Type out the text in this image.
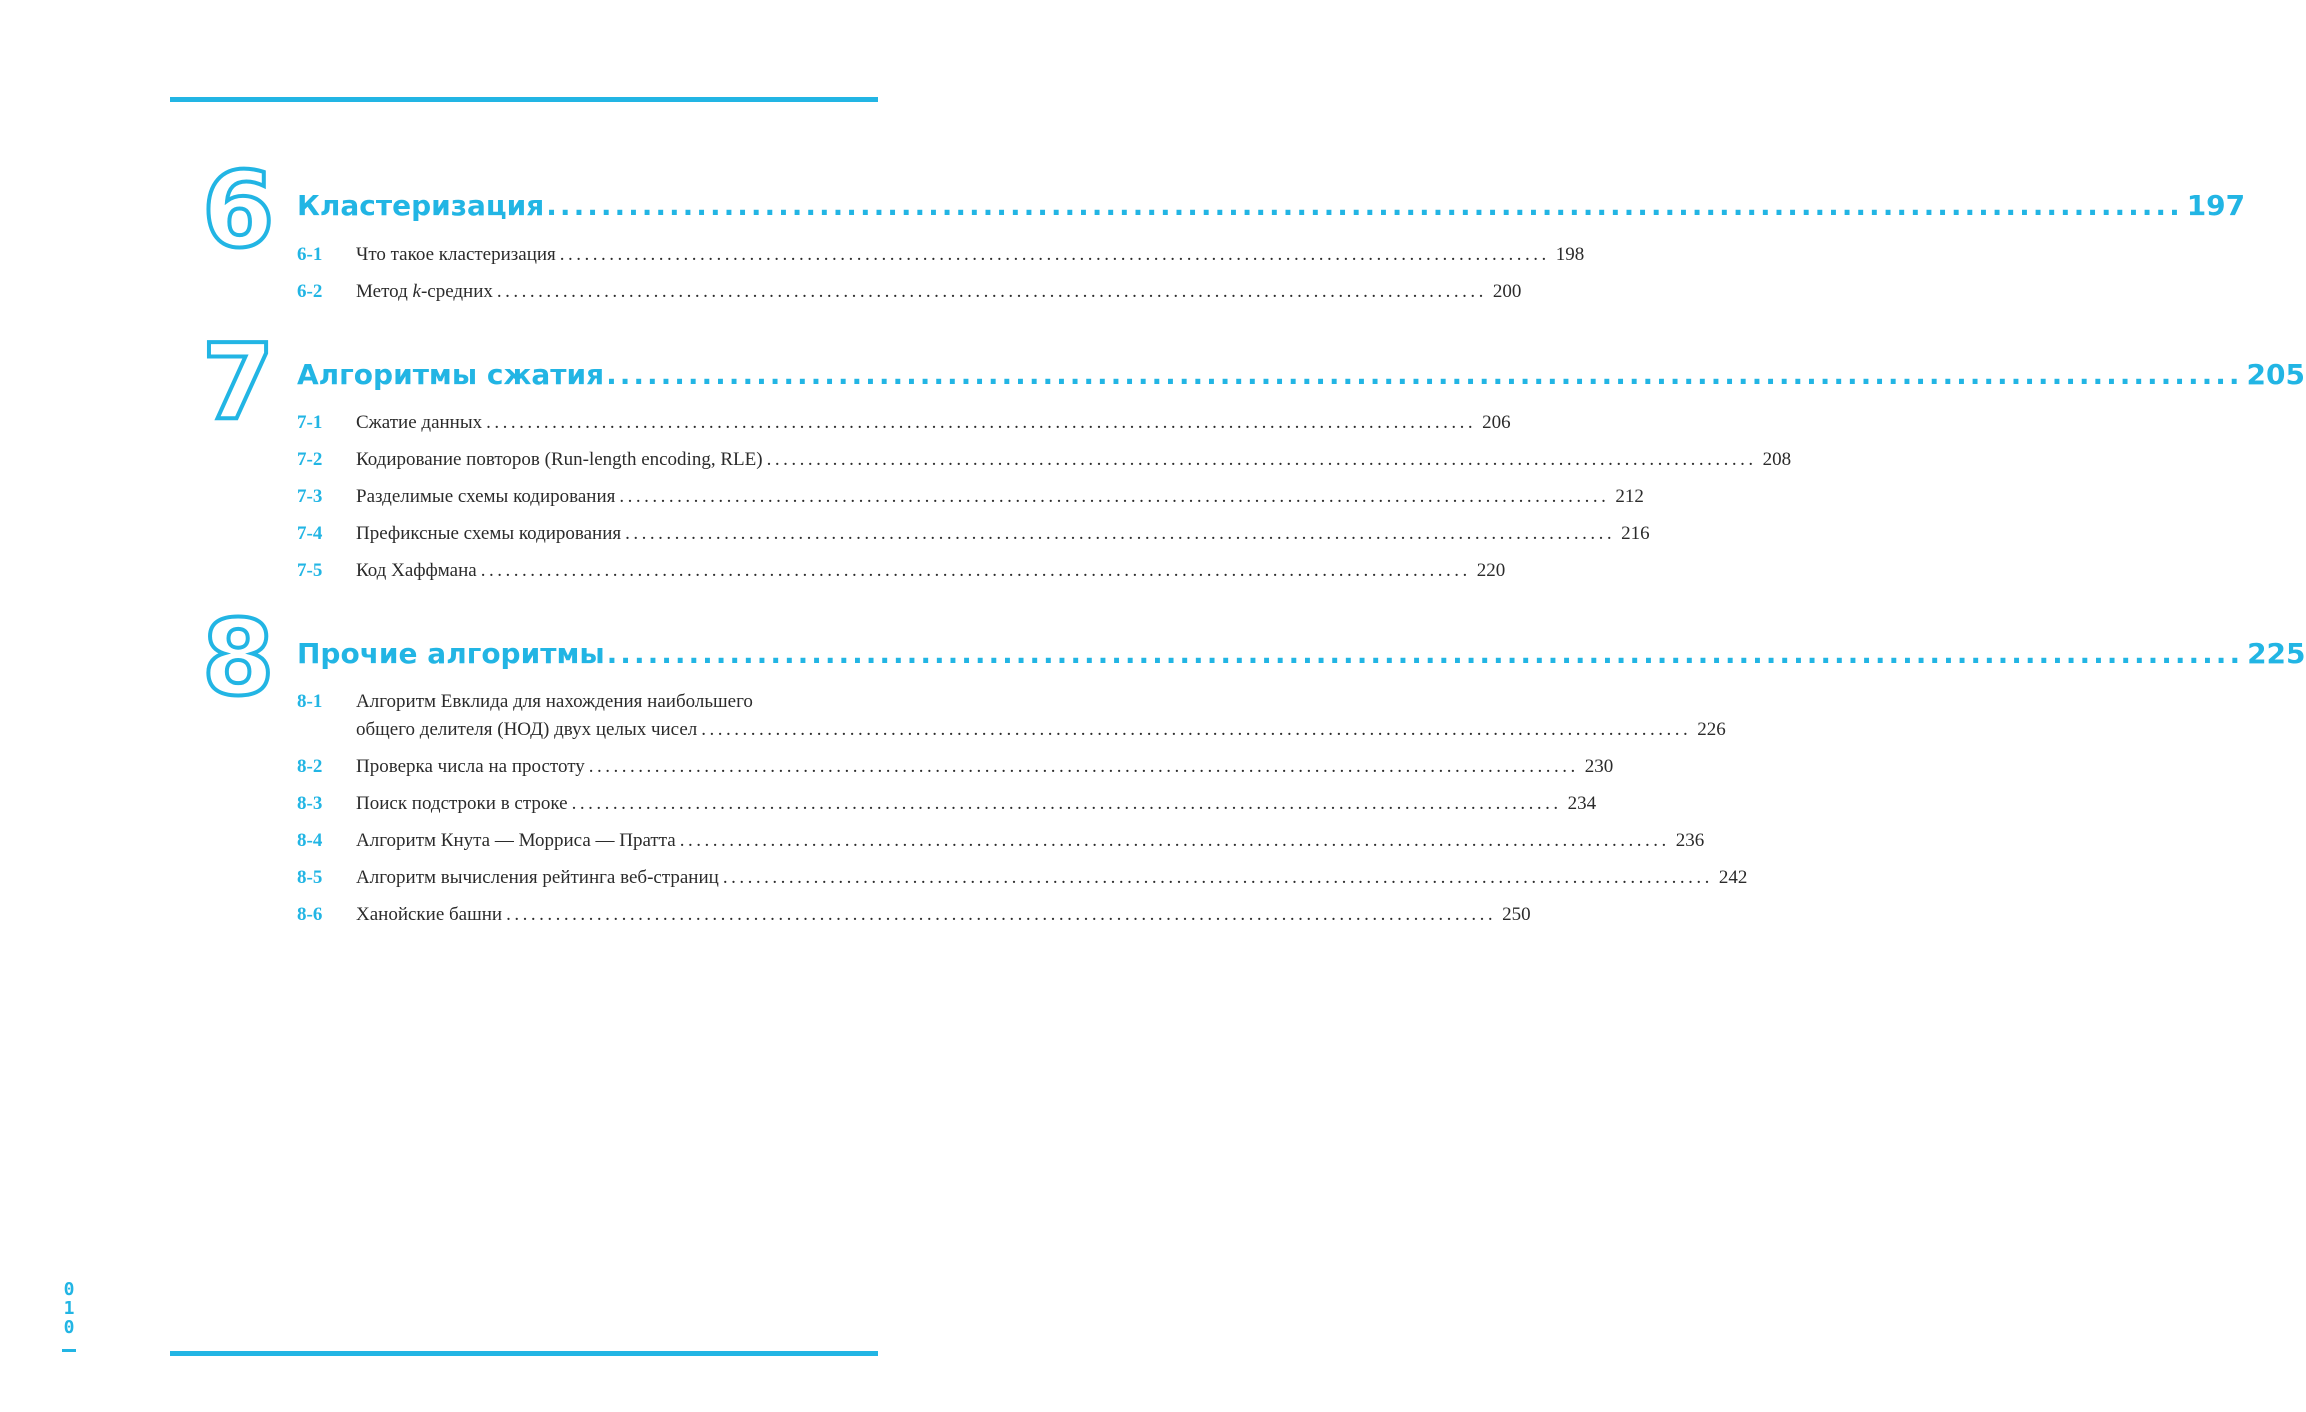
6 Кластеризация ........................................................................................................................ 197
6-1	Что такое кластеризация ........................................................................................................................ 198
6-2	Метод k-средних ........................................................................................................................ 200
7 Алгоритмы сжатия ........................................................................................................................ 205
7-1	Сжатие данных ........................................................................................................................ 206
7-2	Кодирование повторов (Run-length encoding, RLE) ........................................................................................................................ 208
7-3	Разделимые схемы кодирования ........................................................................................................................ 212
7-4	Префиксные схемы кодирования ........................................................................................................................ 216
7-5	Код Хаффмана ........................................................................................................................ 220
8 Прочие алгоритмы ........................................................................................................................ 225
8-1	Алгоритм Евклида для нахождения наибольшего
общего делителя (НОД) двух целых чисел ........................................................................................................................ 226
8-2	Проверка числа на простоту ........................................................................................................................ 230
8-3	Поиск подстроки в строке ........................................................................................................................ 234
8-4	Алгоритм Кнута — Морриса — Пратта ........................................................................................................................ 236
8-5	Алгоритм вычисления рейтинга веб-страниц ........................................................................................................................ 242
8-6	Ханойские башни ........................................................................................................................ 250
0
1
0
